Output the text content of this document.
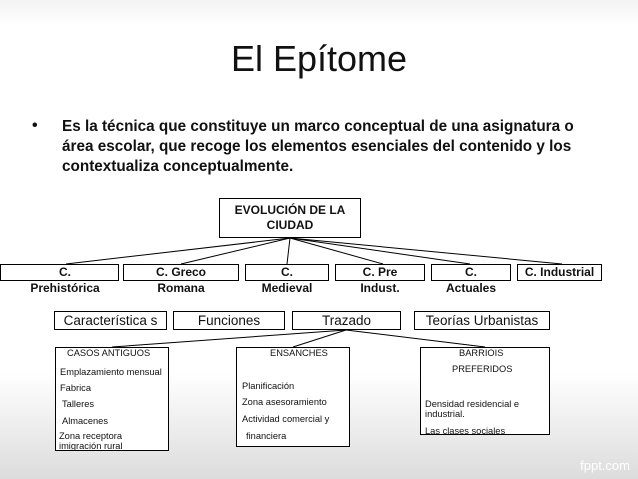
El Epítome
• Es la técnica que constituye un marco conceptual de una asignatura o área escolar, que recoge los elementos esenciales del contenido y los contextualiza conceptualmente.
EVOLUCIÓN DE LA CIUDAD
C.
Prehistórica
C. Greco
Romana
C.
Medieval
C. Pre
Indust.
C.
Actuales
C. Industrial
Característica s	Funciones	Trazado	Teorías Urbanistas
CASOS ANTIGUOS
Emplazamiento mensual
Fabrica
Talleres
Almacenes
Zona receptora
imigración rural
ENSANCHES
Planificación
Zona asesoramiento
Actividad comercial y
financiera
BARRIOIS
PREFERIDOS
Densidad residencial e
industrial.
Las clases sociales
fppt.com
